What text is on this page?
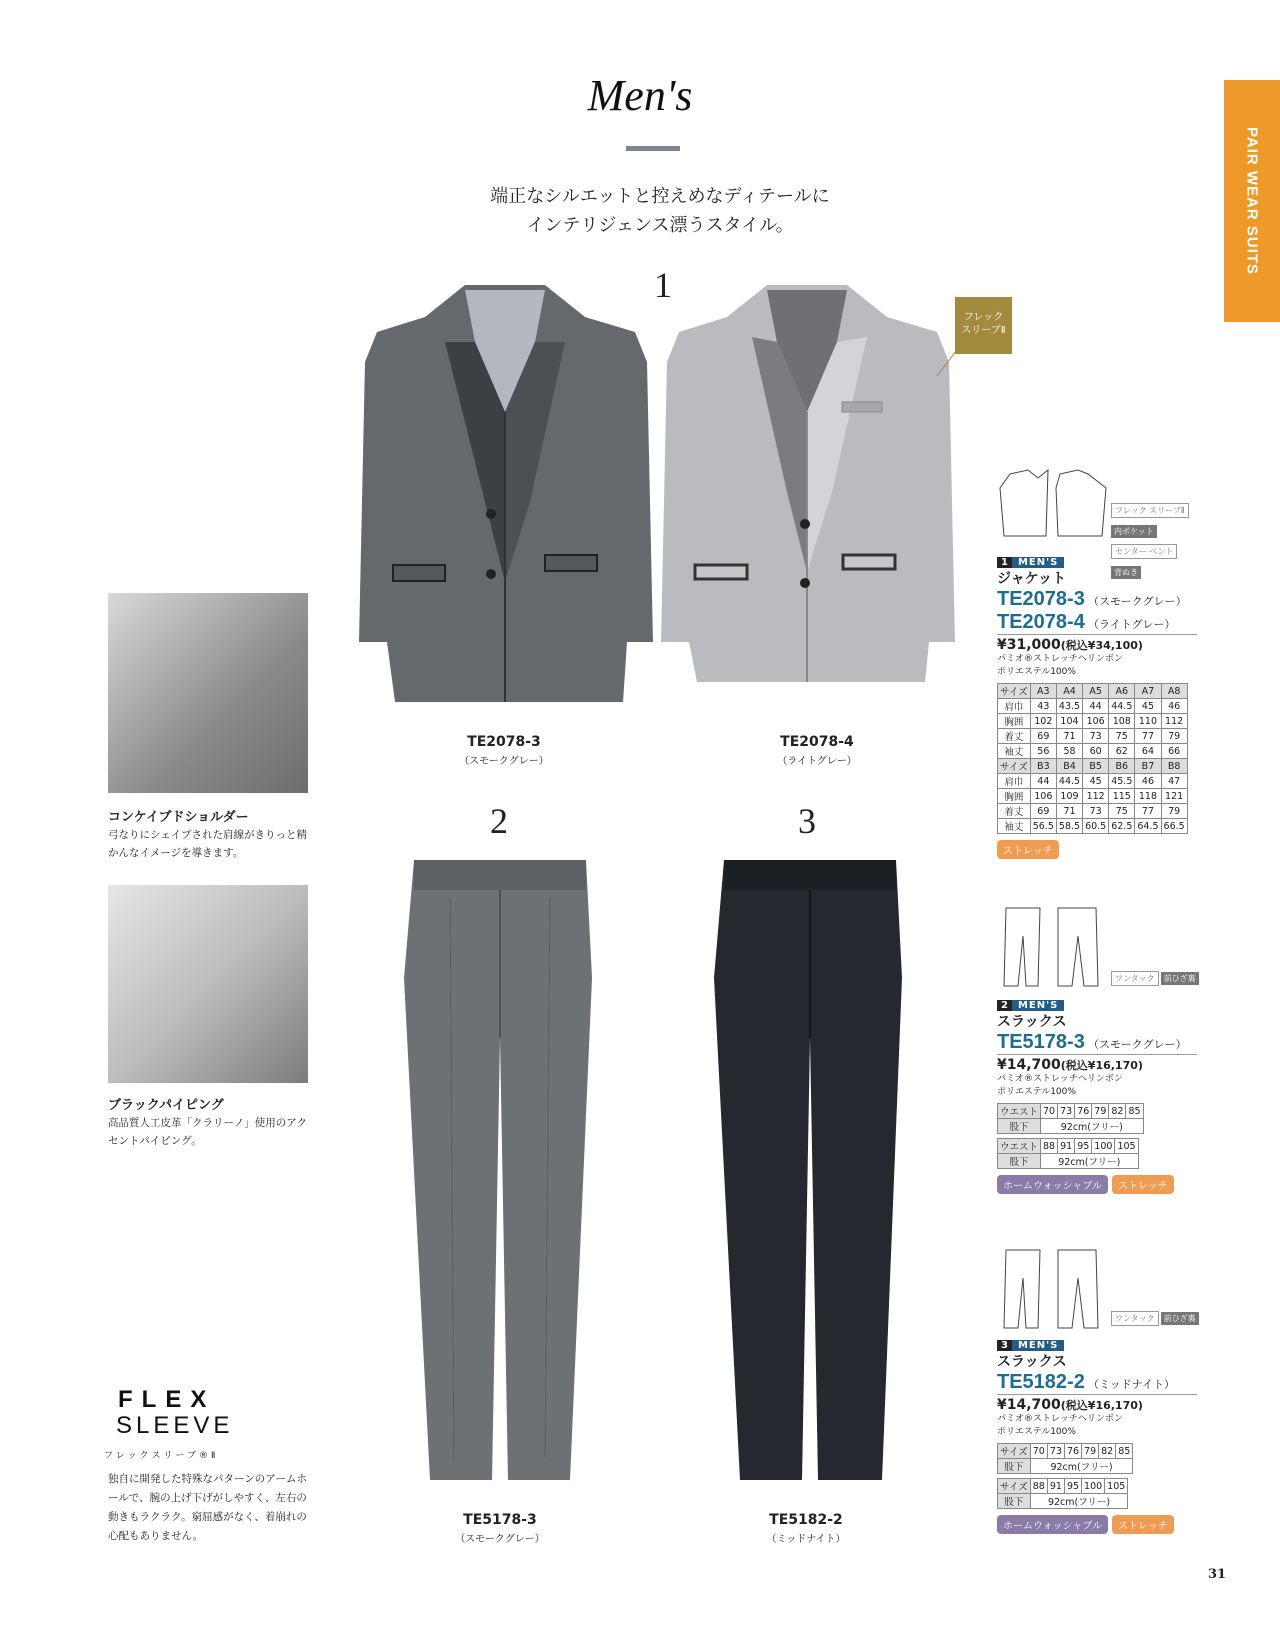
Men's
端正なシルエットと控えめなディテールに
インテリジェンス漂うスタイル。	PAIR WEAR SUITS
1
2	3
フレック
スリーブⅡ
TE2078-3
（スモークグレー）
TE2078-4
（ライトグレー）
TE5178-3
（スモークグレー）
TE5182-2
（ミッドナイト）
コンケイブドショルダー
弓なりにシェイプされた肩線がきりっと精かんなイメージを導きます。
ブラックパイピング
高品質人工皮革「クラリーノ」使用のアクセントパイピング。
FLEX
SLEEVE
フレックスリーブ®Ⅱ
独自に開発した特殊なパターンのアームホールで、腕の上げ下げがしやすく、左右の動きもラクラク。窮屈感がなく、着崩れの心配もありません。
フレック スリーブⅡ内ポケット センター ベント背ぬき
1 MEN'S
ジャケット
TE2078-3 （スモークグレー）
TE2078-4 （ライトグレー）
¥31,000(税込¥34,100)
パミオ®ストレッチヘリンボン
ポリエステル100%
サイズ	A3	A4	A5	A6	A7	A8
肩巾	43	43.5	44	44.5	45	46
胸囲	102	104	106	108	110	112
着丈	69	71	73	75	77	79
袖丈	56	58	60	62	64	66
サイズ	B3	B4	B5	B6	B7	B8
肩巾	44	44.5	45	45.5	46	47
胸囲	106	109	112	115	118	121
着丈	69	71	73	75	77	79
袖丈	56.5	58.5	60.5	62.5	64.5	66.5
ストレッチ
ワンタック 前ひざ裏
2 MEN'S
スラックス
TE5178-3 （スモークグレー）
¥14,700(税込¥16,170)
パミオ®ストレッチヘリンボン
ポリエステル100%
ウエスト	70	73	76	79	82	85
股下	92cm(フリー)					
ウエスト	88	91	95	100	105
股下	92cm(フリー)				
ホームウォッシャブル ストレッチ
ワンタック 前ひざ裏
3 MEN'S
スラックス
TE5182-2 （ミッドナイト）
¥14,700(税込¥16,170)
パミオ®ストレッチヘリンボン
ポリエステル100%
サイズ	70	73	76	79	82	85
股下	92cm(フリー)					
サイズ	88	91	95	100	105
股下	92cm(フリー)				
ホームウォッシャブル ストレッチ
31
